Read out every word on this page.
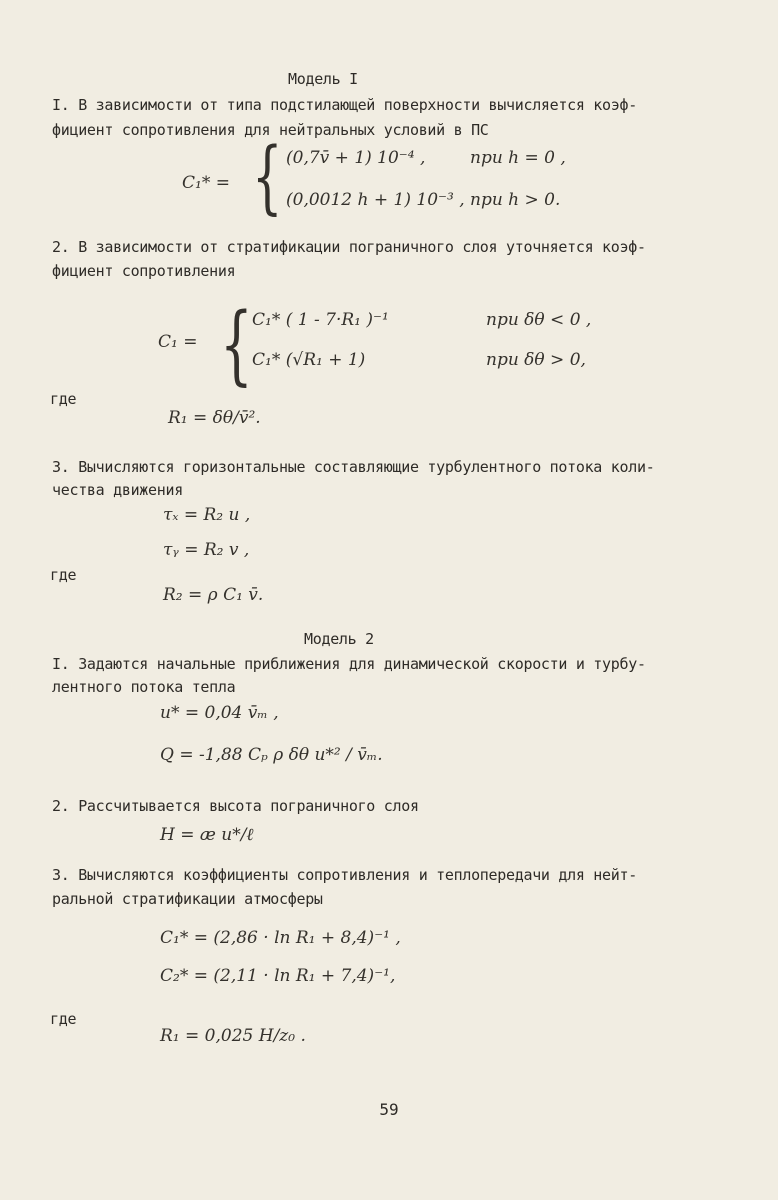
Модель I
I. В зависимости от типа подстилающей поверхности вычисляется коэф-
фициент сопротивления для нейтральных условий в ПС
C₁* = { (0,7v̄ + 1) 10⁻⁴ ,	при h = 0 ,
(0,0012 h + 1) 10⁻³ , при h > 0.
2. В зависимости от стратификации пограничного слоя уточняется коэф-
фициент сопротивления
C₁ = { C₁* ( 1 - 7·R₁ )⁻¹	при δθ < 0 ,
C₁* (√R₁ + 1)	при δθ > 0,
где
R₁ = δθ/v̄².
3. Вычисляются горизонтальные составляющие турбулентного потока коли-
чества движения
τₓ = R₂ u ,
τᵧ = R₂ v ,
где
R₂ = ρ C₁ v̄.
Модель 2
I. Задаются начальные приближения для динамической скорости и турбу-
лентного потока тепла
u* = 0,04 v̄ₘ ,
Q = -1,88 Cₚ ρ δθ u*² / v̄ₘ.
2. Рассчитывается высота пограничного слоя
H = æ u*/ℓ
3. Вычисляются коэффициенты сопротивления и теплопередачи для нейт-
ральной стратификации атмосферы
C₁* = (2,86 · ln R₁ + 8,4)⁻¹ ,
C₂* = (2,11 · ln R₁ + 7,4)⁻¹,
где
R₁ = 0,025 H/z₀ .
59
